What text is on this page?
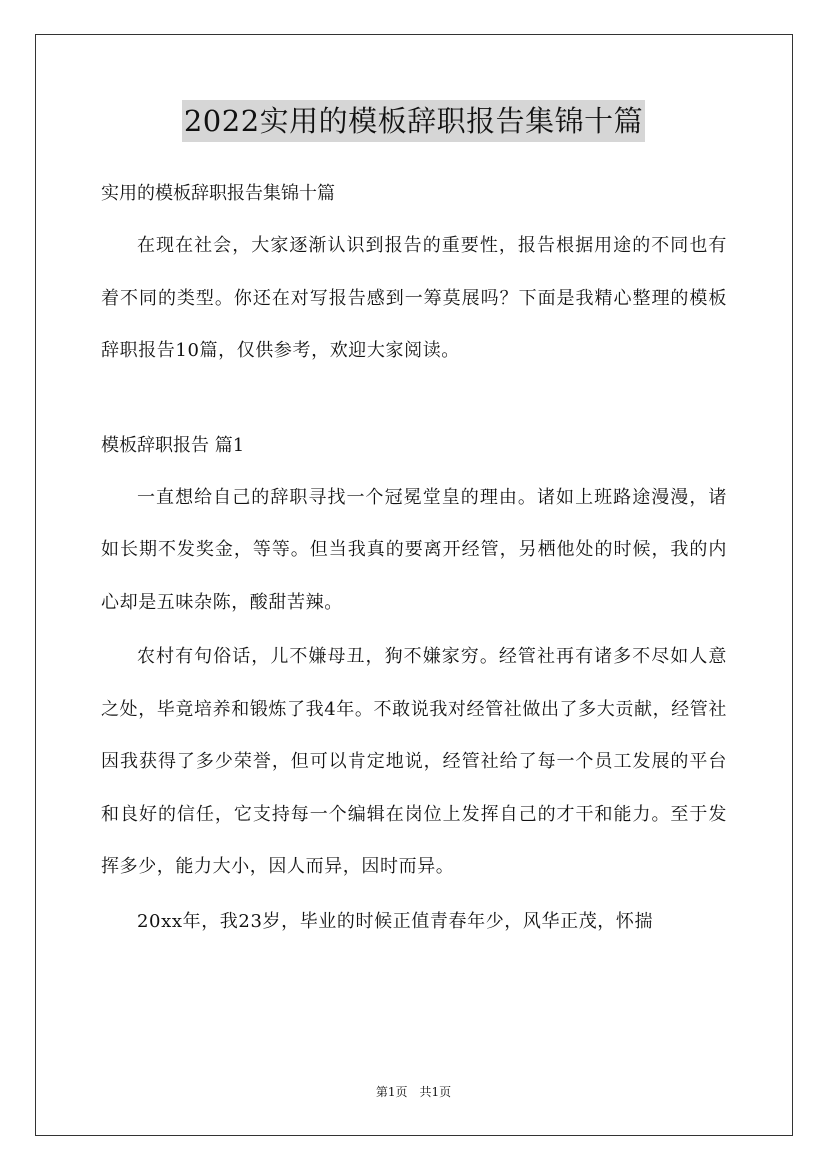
2022实用的模板辞职报告集锦十篇

实用的模板辞职报告集锦十篇

在现在社会，大家逐渐认识到报告的重要性，报告根据用途的不同也有着不同的类型。你还在对写报告感到一筹莫展吗？下面是我精心整理的模板辞职报告10篇，仅供参考，欢迎大家阅读。

模板辞职报告 篇1

一直想给自己的辞职寻找一个冠冕堂皇的理由。诸如上班路途漫漫，诸如长期不发奖金，等等。但当我真的要离开经管，另栖他处的时候，我的内心却是五味杂陈，酸甜苦辣。

农村有句俗话，儿不嫌母丑，狗不嫌家穷。经管社再有诸多不尽如人意之处，毕竟培养和锻炼了我4年。不敢说我对经管社做出了多大贡献，经管社因我获得了多少荣誉，但可以肯定地说，经管社给了每一个员工发展的平台和良好的信任，它支持每一个编辑在岗位上发挥自己的才干和能力。至于发挥多少，能力大小，因人而异，因时而异。

20xx年，我23岁，毕业的时候正值青春年少，风华正茂，怀揣

第1页　共1页
